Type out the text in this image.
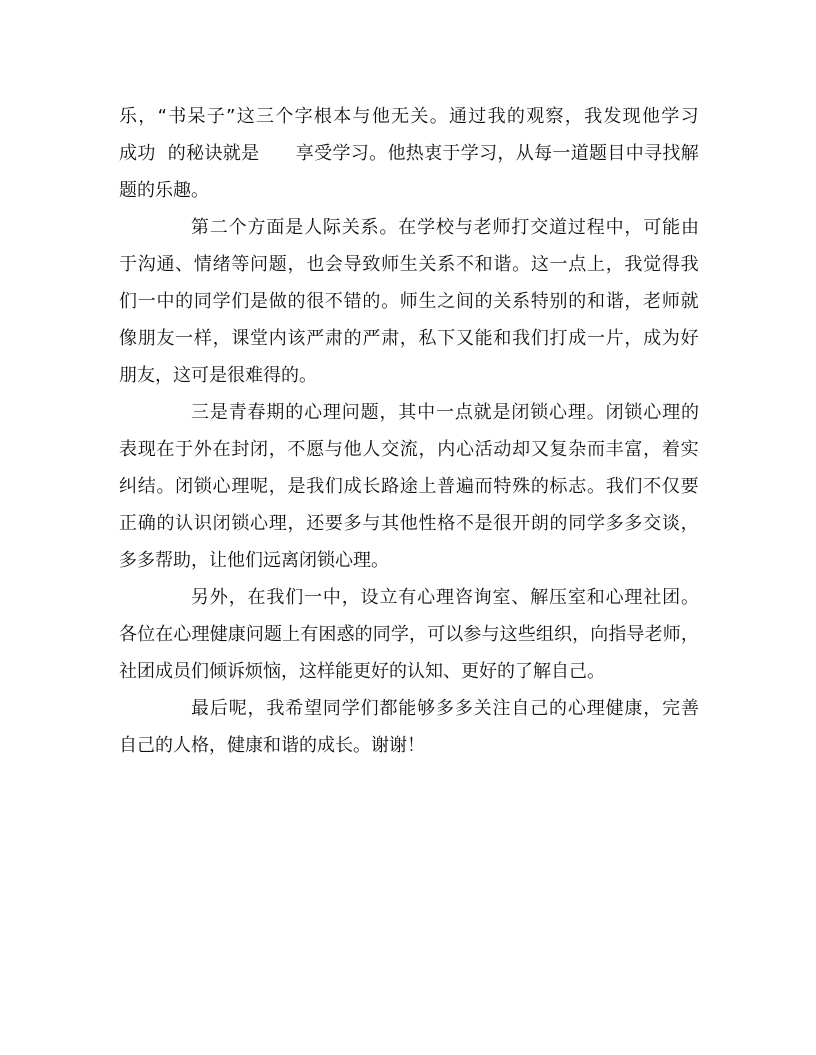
乐 ， “ 书 呆 子 ” 这 三 个 字 根 本 与 他 无 关 。 通 过 我 的 观 察 ， 我 发 现 他 学 习
成 功

的 秘 诀 就 是

享 受 学 习 。 他 热 衷 于 学 习 ， 从 每 一 道 题 目 中 寻 找 解
题的乐趣。
第 二 个 方 面 是 人 际 关 系 。 在 学 校 与 老 师 打 交 道 过 程 中 ， 可 能 由
于 沟 通 、 情 绪 等 问 题 ， 也 会 导 致 师 生 关 系 不 和 谐 。 这 一 点 上 ， 我 觉 得 我
们 一 中 的 同 学 们 是 做 的 很 不 错 的 。 师 生 之 间 的 关 系 特 别 的 和 谐 ， 老 师 就
像 朋 友 一 样 ， 课 堂 内 该 严 肃 的 严 肃 ， 私 下 又 能 和 我 们 打 成 一 片 ， 成 为 好
朋友，这可是很难得的。
三 是 青 春 期 的 心 理 问 题 ， 其 中 一 点 就 是 闭 锁 心 理 。 闭 锁 心 理 的
表 现 在 于 外 在 封 闭 ， 不 愿 与 他 人 交 流 ， 内 心 活 动 却 又 复 杂 而 丰 富 ， 着 实
纠 结 。 闭 锁 心 理 呢 ， 是 我 们 成 长 路 途 上 普 遍 而 特 殊 的 标 志 。 我 们 不 仅 要
正 确 的 认 识 闭 锁 心 理 ， 还 要 多 与 其 他 性 格 不 是 很 开 朗 的 同 学 多 多 交 谈 ，
多多帮助，让他们远离闭锁心理。
另 外 ， 在 我 们 一 中 ， 设 立 有 心 理 咨 询 室 、 解 压 室 和 心 理 社 团 。
各 位 在 心 理 健 康 问 题 上 有 困 惑 的 同 学 ， 可 以 参 与 这 些 组 织 ， 向 指 导 老 师 ，
社团成员们倾诉烦恼，这样能更好的认知、更好的了解自己。
最 后 呢 ， 我 希 望 同 学 们 都 能 够 多 多 关 注 自 己 的 心 理 健 康 ， 完 善
自己的人格，健康和谐的成长。谢谢！
